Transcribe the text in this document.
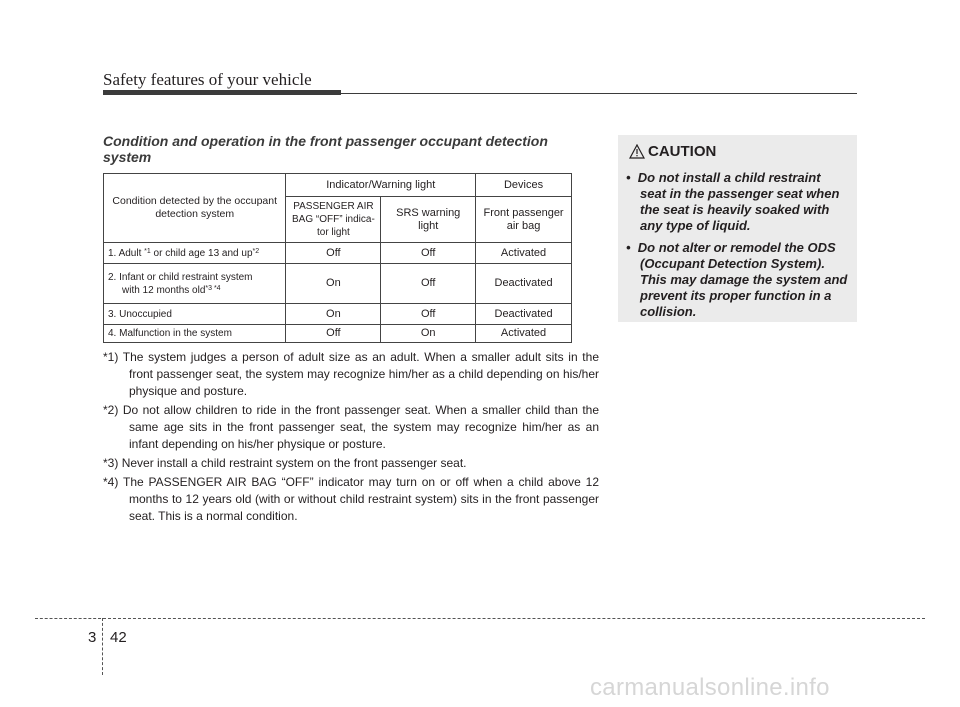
Safety features of your vehicle
Condition and operation in the front passenger occupant detection system
Condition detected by the occupant detection system	Indicator/Warning light		Devices
	PASSENGER AIR BAG “OFF” indica-tor light	SRS warning light	Front passenger air bag
1. Adult $^{*1}$ or child age 13 and $up^{*2}$	Off	Off	Activated

2. Infant or child restraint system
with 12 months old$^{*3 *4}$	On	Off	Deactivated
3. Unoccupied	On	Off	Deactivated
4. Malfunction in the system	Off	On	Activated
*1) The system judges a person of adult size as an adult. When a smaller adult sits in the front passenger seat, the system may recognize him/her as a child depending on his/her physique and posture.
*2) Do not allow children to ride in the front passenger seat. When a smaller child than the same age sits in the front passenger seat, the system may recognize him/her as an infant depending on his/her physique or posture.
*3) Never install a child restraint system on the front passenger seat.
*4) The PASSENGER AIR BAG “OFF” indicator may turn on or off when a child above 12 months to 12 years old (with or without child restraint system) sits in the front passenger seat. This is a normal condition.
CAUTION
•  Do not install a child restraint seat in the passenger seat when the seat is heavily soaked with any type of liquid.
•  Do not alter or remodel the ODS (Occupant Detection System). This may damage the system and prevent its proper function in a collision.
3 42
carmanualsonline.info
